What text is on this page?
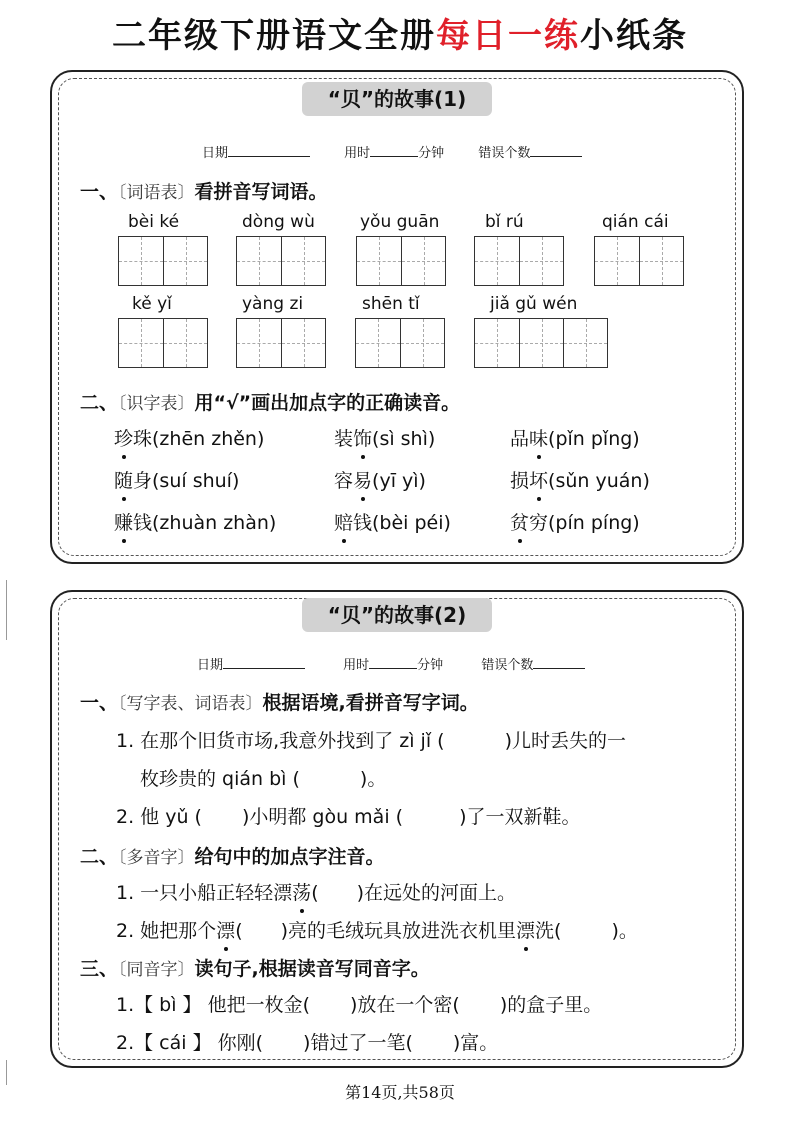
二年级下册语文全册每日一练小纸条
“贝”的故事(1)
日期	用时	分钟	错误个数
一、〔词语表〕看拼音写词语。
bèi ké	dòng wù	yǒu guān	bǐ rú	qián cái
kě yǐ	yàng zi	shēn tǐ	jiǎ gǔ wén
二、〔识字表〕用“√”画出加点字的正确读音。
珍珠(zhēn zhěn)	装饰(sì shì)	品味(pǐn pǐng)
随身(suí shuí)	容易(yī yì)	损坏(sǔn yuán)
赚钱(zhuàn zhàn)	赔钱(bèi péi)	贫穷(pín píng)
“贝”的故事(2)
日期	用时	分钟	错误个数
一、〔写字表、词语表〕根据语境,看拼音写字词。
1. 在那个旧货市场,我意外找到了 zì jǐ (	)儿时丢失的一
枚珍贵的 qián bì (	)。
2. 他 yǔ ( )小明都 gòu mǎi (	)了一双新鞋。
二、〔多音字〕给句中的加点字注音。
1. 一只小船正轻轻漂荡( )在远处的河面上。
2. 她把那个漂( )亮的毛绒玩具放进洗衣机里漂洗(	)。
三、〔同音字〕读句子,根据读音写同音字。
1.【 bì 】 他把一枚金( )放在一个密( )的盒子里。
2.【 cái 】 你刚( )错过了一笔( )富。
第14页,共58页
